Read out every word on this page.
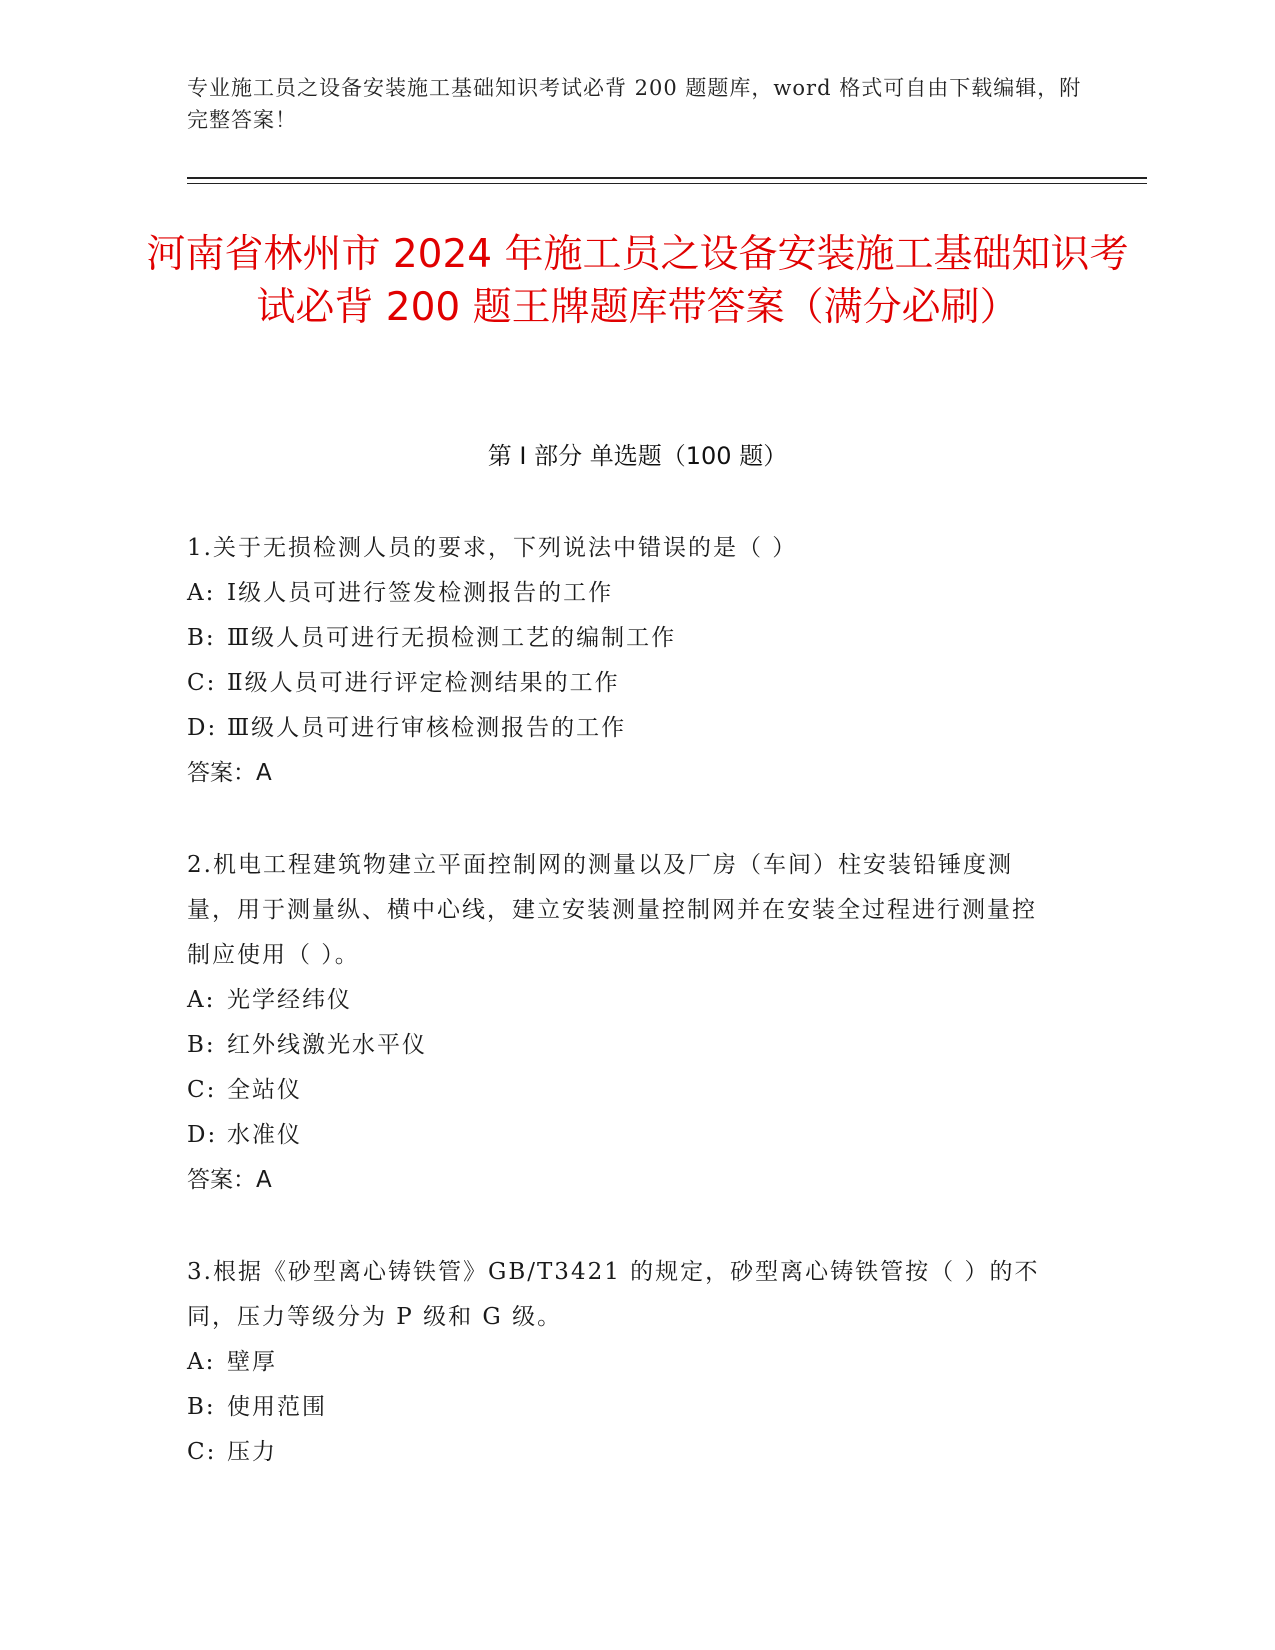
专业施工员之设备安装施工基础知识考试必背 200 题题库，word 格式可自由下载编辑，附完整答案！
河南省林州市 2024 年施工员之设备安装施工基础知识考试必背 200 题王牌题库带答案（满分必刷）
第 I 部分 单选题（100 题）

1.关于无损检测人员的要求，下列说法中错误的是（ ）

A: Ⅰ级人员可进行签发检测报告的工作

B: Ⅲ级人员可进行无损检测工艺的编制工作

C: Ⅱ级人员可进行评定检测结果的工作

D: Ⅲ级人员可进行审核检测报告的工作

答案：A

2.机电工程建筑物建立平面控制网的测量以及厂房（车间）柱安装铅锤度测量，用于测量纵、横中心线，建立安装测量控制网并在安装全过程进行测量控制应使用（ ）。

A: 光学经纬仪

B: 红外线激光水平仪

C: 全站仪

D: 水准仪

答案：A

3.根据《砂型离心铸铁管》GB/T3421 的规定，砂型离心铸铁管按（ ）的不同，压力等级分为 P 级和 G 级。

A: 壁厚

B: 使用范围

C: 压力
